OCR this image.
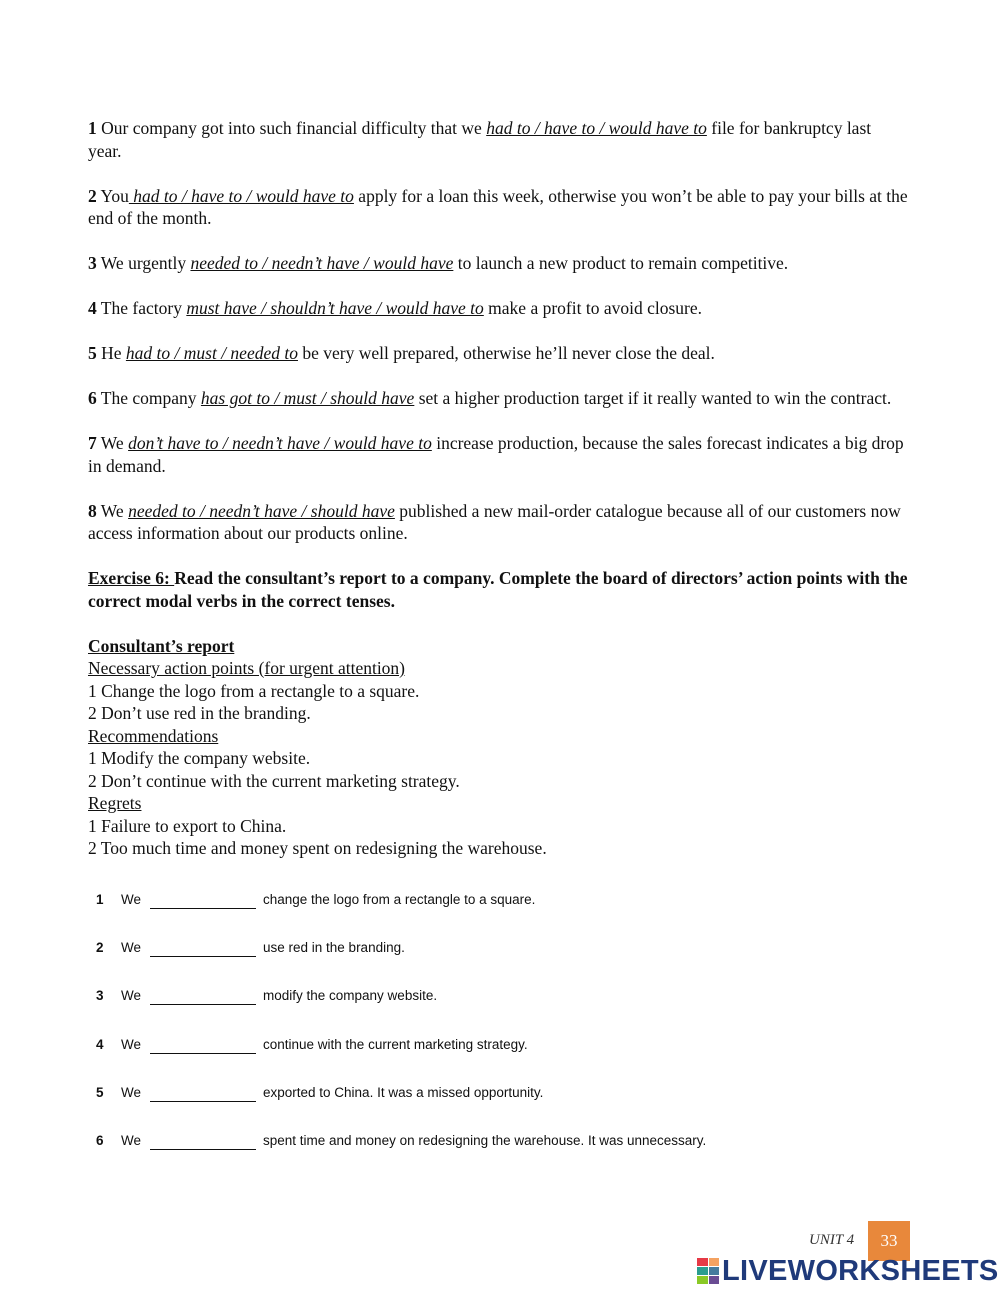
1 Our company got into such financial difficulty that we had to / have to / would have to file for bankruptcy last year.

2 You had to / have to / would have to apply for a loan this week, otherwise you won’t be able to pay your bills at the end of the month.

3 We urgently needed to / needn’t have / would have to launch a new product to remain competitive.

4 The factory must have / shouldn’t have / would have to make a profit to avoid closure.

5 He had to / must / needed to be very well prepared, otherwise he’ll never close the deal.

6 The company has got to / must / should have set a higher production target if it really wanted to win the contract.

7 We don’t have to / needn’t have / would have to increase production, because the sales forecast indicates a big drop in demand.

8 We needed to / needn’t have / should have published a new mail-order catalogue because all of our customers now access information about our products online.

Exercise 6: Read the consultant’s report to a company. Complete the board of directors’ action points with the correct modal verbs in the correct tenses.

Consultant’s report
Necessary action points (for urgent attention)
1 Change the logo from a rectangle to a square.
2 Don’t use red in the branding.
Recommendations
1 Modify the company website.
2 Don’t continue with the current marketing strategy.
Regrets
1 Failure to export to China.
2 Too much time and money spent on redesigning the warehouse.
1	We	change the logo from a rectangle to a square.
2	We	use red in the branding.
3	We	modify the company website.
4	We	continue with the current marketing strategy.
5	We	exported to China. It was a missed opportunity.
6	We	spent time and money on redesigning the warehouse. It was unnecessary.
UNIT 4	33
LIVEWORKSHEETS
